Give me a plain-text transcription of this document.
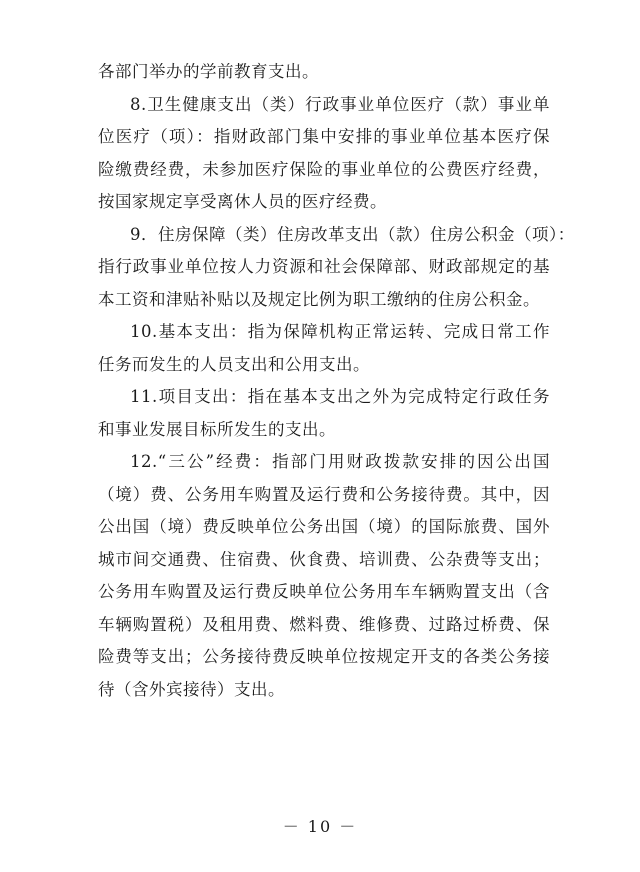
各部门举办的学前教育支出。
8.卫生健康支出（类）行政事业单位医疗（款）事业单
位医疗（项）：指财政部门集中安排的事业单位基本医疗保
险缴费经费，未参加医疗保险的事业单位的公费医疗经费，
按国家规定享受离休人员的医疗经费。
9．住房保障（类）住房改革支出（款）住房公积金（项）：
指行政事业单位按人力资源和社会保障部、财政部规定的基
本工资和津贴补贴以及规定比例为职工缴纳的住房公积金。
10.基本支出：指为保障机构正常运转、完成日常工作
任务而发生的人员支出和公用支出。
11.项目支出：指在基本支出之外为完成特定行政任务
和事业发展目标所发生的支出。
12.“三公”经费：指部门用财政拨款安排的因公出国
（境）费、公务用车购置及运行费和公务接待费。其中，因
公出国（境）费反映单位公务出国（境）的国际旅费、国外
城市间交通费、住宿费、伙食费、培训费、公杂费等支出；
公务用车购置及运行费反映单位公务用车车辆购置支出（含
车辆购置税）及租用费、燃料费、维修费、过路过桥费、保
险费等支出；公务接待费反映单位按规定开支的各类公务接
待（含外宾接待）支出。
－ 10 －
